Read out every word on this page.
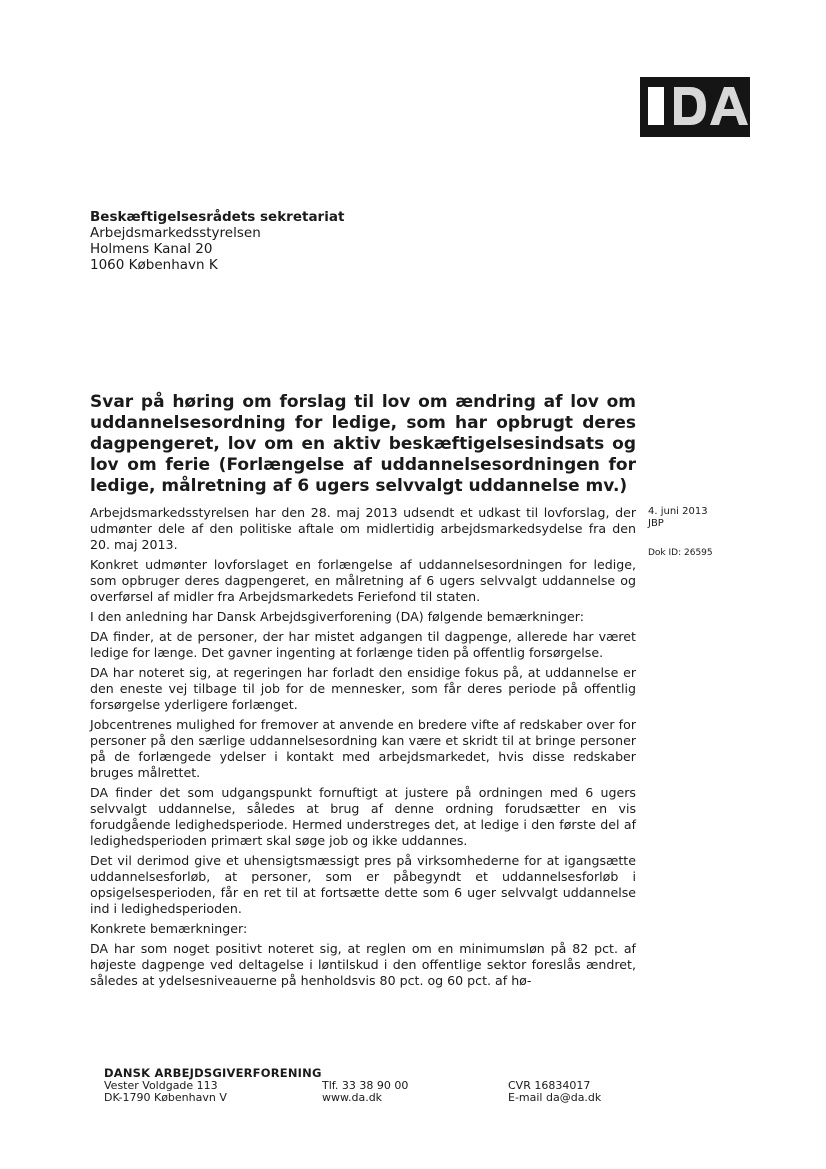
Beskæftigelsesrådets sekretariat
Arbejdsmarkedsstyrelsen
Holmens Kanal 20
1060 København K
Svar på høring om forslag til lov om ændring af lov om uddannelsesordning for ledige, som har opbrugt deres dagpengeret, lov om en aktiv beskæftigelsesindsats og lov om ferie (Forlængelse af uddannelsesordningen for ledige, målretning af 6 ugers selvvalgt uddannelse mv.)
4. juni 2013
JBP
Dok ID: 26595

Arbejdsmarkedsstyrelsen har den 28. maj 2013 udsendt et udkast til lovforslag, der udmønter dele af den politiske aftale om midlertidig arbejdsmarkedsydelse fra den 20. maj 2013.

Konkret udmønter lovforslaget en forlængelse af uddannelsesordningen for ledige, som opbruger deres dagpengeret, en målretning af 6 ugers selvvalgt uddannelse og overførsel af midler fra Arbejdsmarkedets Feriefond til staten.

I den anledning har Dansk Arbejdsgiverforening (DA) følgende bemærkninger:

DA finder, at de personer, der har mistet adgangen til dagpenge, allerede har været ledige for længe. Det gavner ingenting at forlænge tiden på offentlig forsørgelse.

DA har noteret sig, at regeringen har forladt den ensidige fokus på, at uddannelse er den eneste vej tilbage til job for de mennesker, som får deres periode på offentlig forsørgelse yderligere forlænget.

Jobcentrenes mulighed for fremover at anvende en bredere vifte af redskaber over for personer på den særlige uddannelsesordning kan være et skridt til at bringe personer på de forlængede ydelser i kontakt med arbejdsmarkedet, hvis disse redskaber bruges målrettet.

DA finder det som udgangspunkt fornuftigt at justere på ordningen med 6 ugers selvvalgt uddannelse, således at brug af denne ordning forudsætter en vis forudgående ledighedsperiode. Hermed understreges det, at ledige i den første del af ledighedsperioden primært skal søge job og ikke uddannes.

Det vil derimod give et uhensigtsmæssigt pres på virksomhederne for at igangsætte uddannelsesforløb, at personer, som er påbegyndt et uddannelsesforløb i opsigelsesperioden, får en ret til at fortsætte dette som 6 uger selvvalgt uddannelse ind i ledighedsperioden.

Konkrete bemærkninger:

DA har som noget positivt noteret sig, at reglen om en minimumsløn på 82 pct. af højeste dagpenge ved deltagelse i løntilskud i den offentlige sektor foreslås ændret, således at ydelsesniveauerne på henholdsvis 80 pct. og 60 pct. af hø-

DANSK ARBEJDSGIVERFORENING
Vester Voldgade 113
DK-1790 København V
Tlf. 33 38 90 00
www.da.dk
CVR 16834017
E-mail da@da.dk
